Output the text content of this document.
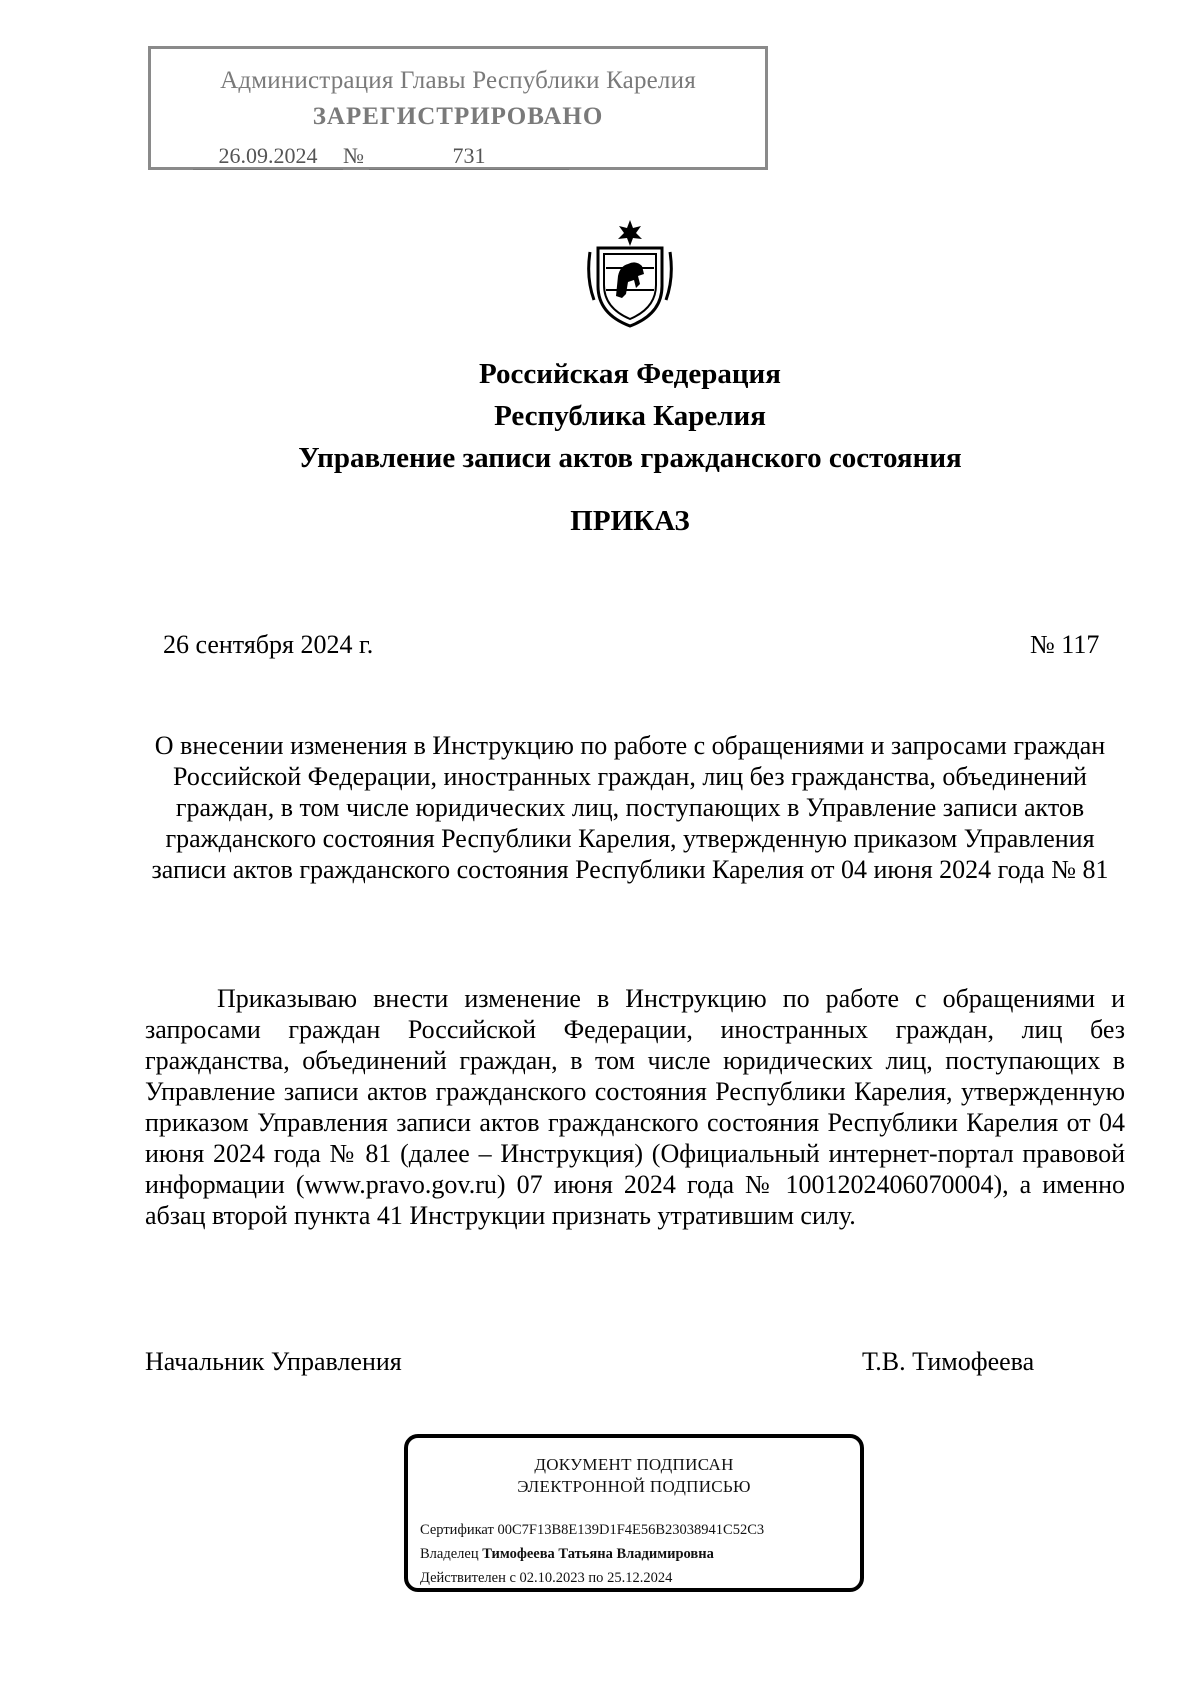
Администрация Главы Республики Карелия
ЗАРЕГИСТРИРОВАНО
26.09.2024	№	731
Российская Федерация
Республика Карелия
Управление записи актов гражданского состояния
ПРИКАЗ
26 сентября 2024 г.	№ 117
О внесении изменения в Инструкцию по работе с обращениями и запросами граждан Российской Федерации, иностранных граждан, лиц без гражданства, объединений граждан, в том числе юридических лиц, поступающих в Управление записи актов гражданского состояния Республики Карелия, утвержденную приказом Управления записи актов гражданского состояния Республики Карелия от 04 июня 2024 года № 81
Приказываю внести изменение в Инструкцию по работе с обращениями и запросами граждан Российской Федерации, иностранных граждан, лиц без гражданства, объединений граждан, в том числе юридических лиц, поступающих в Управление записи актов гражданского состояния Республики Карелия, утвержденную приказом Управления записи актов гражданского состояния Республики Карелия от 04 июня 2024 года № 81 (далее – Инструкция) (Официальный интернет-портал правовой информации (www.pravo.gov.ru) 07 июня 2024 года № 1001202406070004), а именно абзац второй пункта 41 Инструкции признать утратившим силу.
Начальник Управления	Т.В. Тимофеева
ДОКУМЕНТ ПОДПИСАН
ЭЛЕКТРОННОЙ ПОДПИСЬЮ
Сертификат 00C7F13B8E139D1F4E56B23038941C52C3
Владелец Тимофеева Татьяна Владимировна
Действителен с 02.10.2023 по 25.12.2024
